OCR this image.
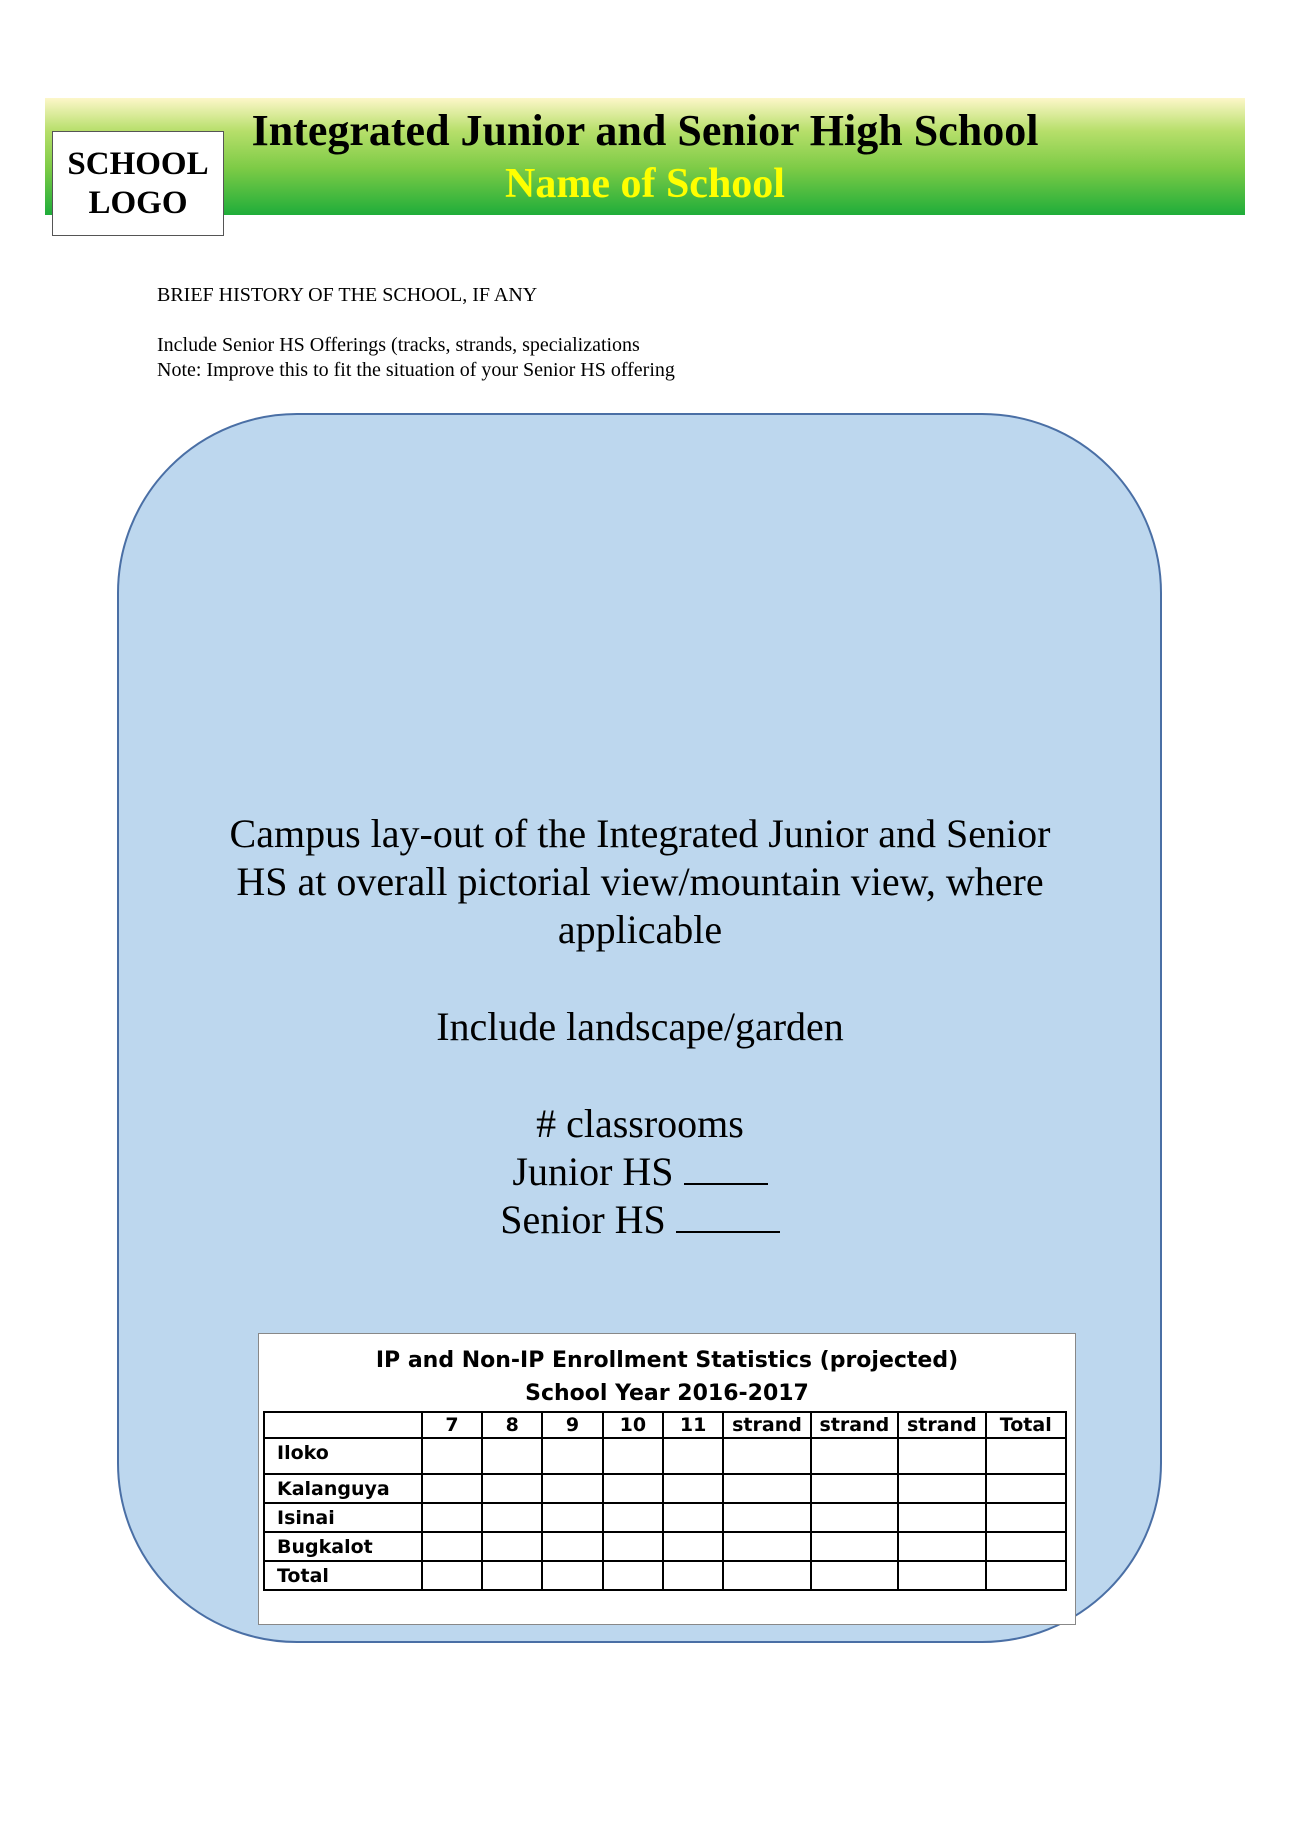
SCHOOL
LOGO
Integrated Junior and Senior High School
Name of School
BRIEF HISTORY OF THE SCHOOL, IF ANY
Include Senior HS Offerings (tracks, strands, specializations
Note: Improve this to fit the situation of your Senior HS offering
Campus lay-out of the Integrated Junior and Senior
HS at overall pictorial view/mountain view, where
applicable
Include landscape/garden
# classrooms
Junior HS
Senior HS
IP and Non-IP Enrollment Statistics (projected)
School Year 2016-2017
	7	8	9	10	11	strand	strand	strand	Total
Iloko									
Kalanguya									
Isinai									
Bugkalot									
Total									
